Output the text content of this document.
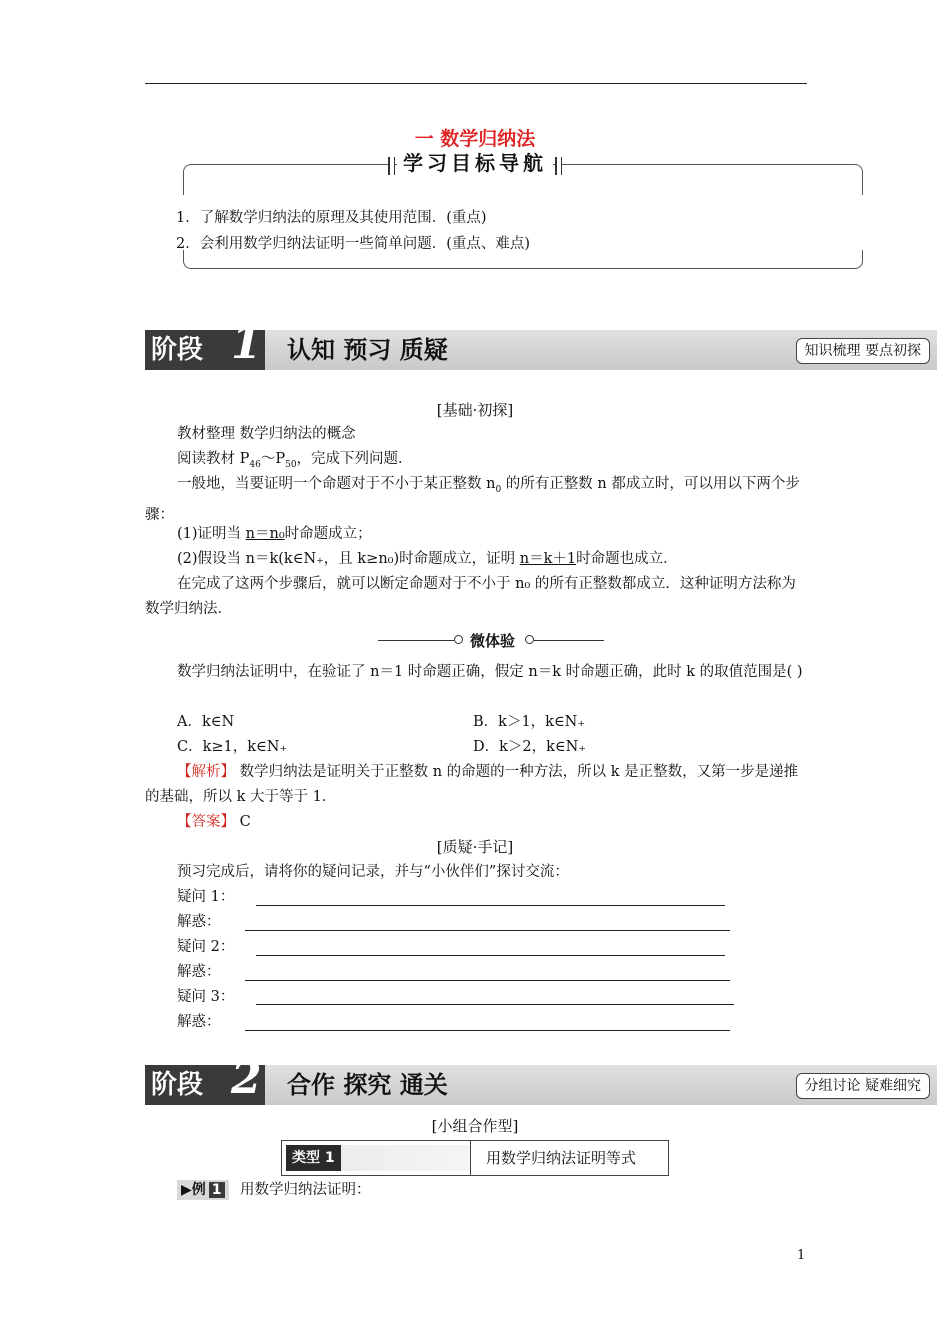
一 数学归纳法
学习目标导航
1．了解数学归纳法的原理及其使用范围．(重点)
2．会利用数学归纳法证明一些简单问题．(重点、难点)
阶段 1 认知 预习 质疑	知识梳理 要点初探
[基础·初探]
教材整理 数学归纳法的概念
阅读教材 $P_{46}\sim P_{50}$，完成下列问题．
一般地，当要证明一个命题对于不小于某正整数 $n_0$ 的所有正整数 n 都成立时，可以用以下两个步骤：
(1)证明当 n＝n₀时命题成立；
(2)假设当 n＝k(k∈N₊，且 k≥n₀)时命题成立，证明 n＝k＋1时命题也成立．
在完成了这两个步骤后，就可以断定命题对于不小于 n₀ 的所有正整数都成立．这种证明方法称为数学归纳法．
微体验
数学归纳法证明中，在验证了 n＝1 时命题正确，假定 n＝k 时命题正确，此时 k 的取值范围是( )
A．k∈N	B．k＞1，k∈N₊
C．k≥1，k∈N₊	D．k＞2，k∈N₊
【解析】 数学归纳法是证明关于正整数 n 的命题的一种方法，所以 k 是正整数，又第一步是递推的基础，所以 k 大于等于 1．
【答案】 C
[质疑·手记]
预习完成后，请将你的疑问记录，并与“小伙伴们”探讨交流：
疑问 1：
解惑：
疑问 2：
解惑：
疑问 3：
解惑：
阶段 2 合作 探究 通关	分组讨论 疑难细究
[小组合作型]
类型 1	用数学归纳法证明等式
▶例 1	用数学归纳法证明：
1
